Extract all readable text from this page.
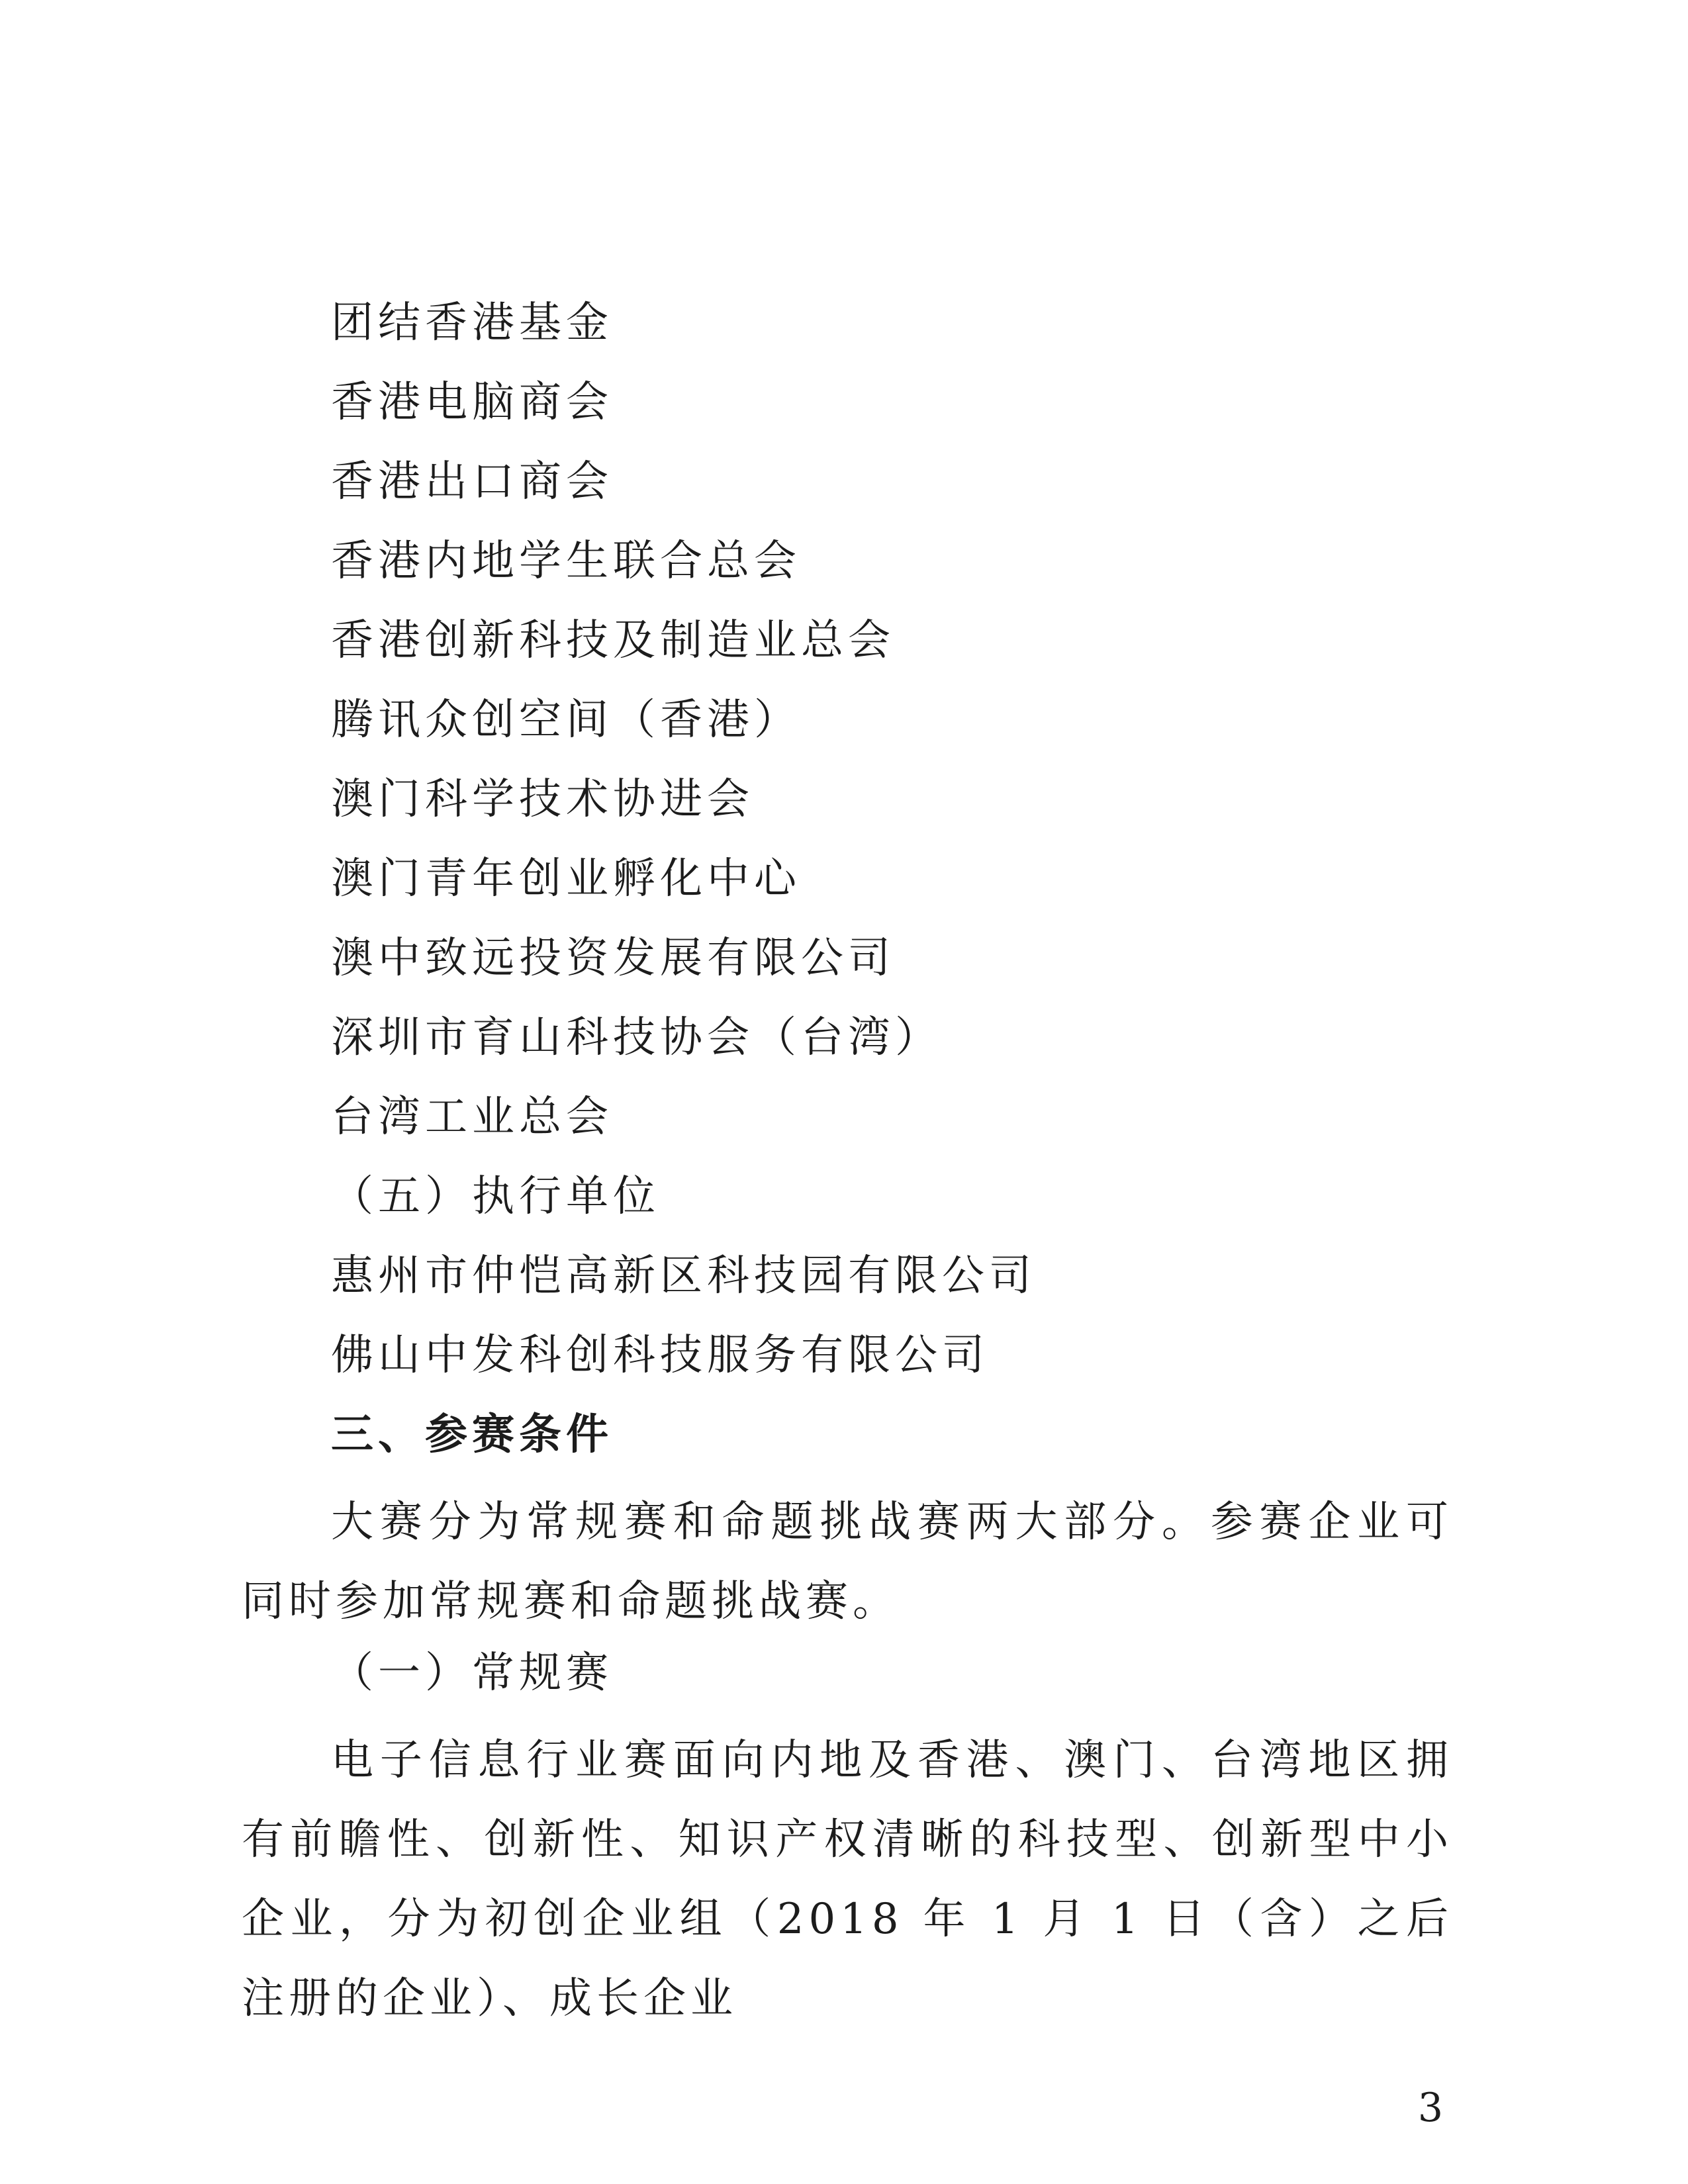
团结香港基金
香港电脑商会
香港出口商会
香港内地学生联合总会
香港创新科技及制造业总会
腾讯众创空间（香港）
澳门科学技术协进会
澳门青年创业孵化中心
澳中致远投资发展有限公司
深圳市育山科技协会（台湾）
台湾工业总会
（五）执行单位
惠州市仲恺高新区科技园有限公司
佛山中发科创科技服务有限公司
三、参赛条件
大赛分为常规赛和命题挑战赛两大部分。参赛企业可同时参加常规赛和命题挑战赛。
（一）常规赛
电子信息行业赛面向内地及香港、澳门、台湾地区拥有前瞻性、创新性、知识产权清晰的科技型、创新型中小企业，分为初创企业组（2018 年 1 月 1 日（含）之后注册的企业）、成长企业
3
